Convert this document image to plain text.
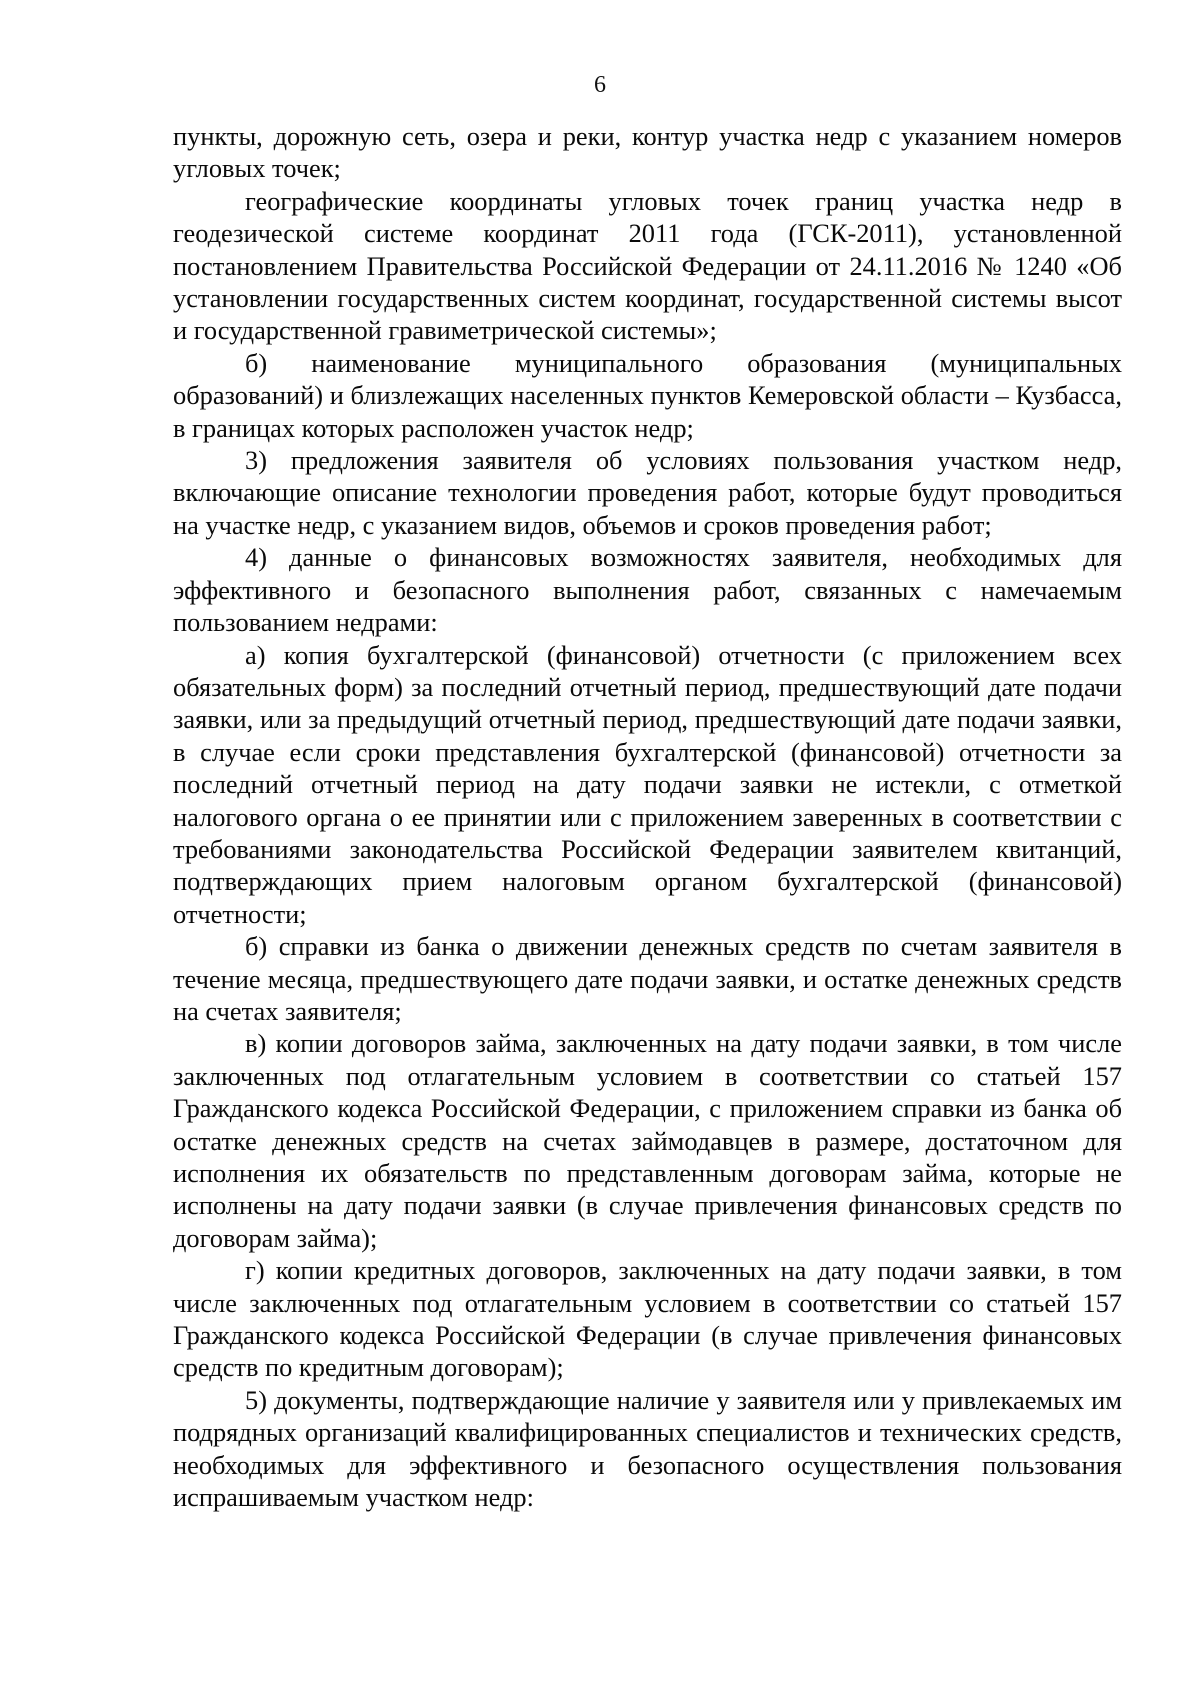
6

пункты, дорожную сеть, озера и реки, контур участка недр с указанием номеров угловых точек;

географические координаты угловых точек границ участка недр в геодезической системе координат 2011 года (ГСК-2011), установленной постановлением Правительства Российской Федерации от 24.11.2016 № 1240 «Об установлении государственных систем координат, государственной системы высот и государственной гравиметрической системы»;

б) наименование муниципального образования (муниципальных образований) и близлежащих населенных пунктов Кемеровской области – Кузбасса, в границах которых расположен участок недр;

3) предложения заявителя об условиях пользования участком недр, включающие описание технологии проведения работ, которые будут проводиться на участке недр, с указанием видов, объемов и сроков проведения работ;

4) данные о финансовых возможностях заявителя, необходимых для эффективного и безопасного выполнения работ, связанных с намечаемым пользованием недрами:

а) копия бухгалтерской (финансовой) отчетности (с приложением всех обязательных форм) за последний отчетный период, предшествующий дате подачи заявки, или за предыдущий отчетный период, предшествующий дате подачи заявки, в случае если сроки представления бухгалтерской (финансовой) отчетности за последний отчетный период на дату подачи заявки не истекли, с отметкой налогового органа о ее принятии или с приложением заверенных в соответствии с требованиями законодательства Российской Федерации заявителем квитанций, подтверждающих прием налоговым органом бухгалтерской (финансовой) отчетности;

б) справки из банка о движении денежных средств по счетам заявителя в течение месяца, предшествующего дате подачи заявки, и остатке денежных средств на счетах заявителя;

в) копии договоров займа, заключенных на дату подачи заявки, в том числе заключенных под отлагательным условием в соответствии со статьей 157 Гражданского кодекса Российской Федерации, с приложением справки из банка об остатке денежных средств на счетах займодавцев в размере, достаточном для исполнения их обязательств по представленным договорам займа, которые не исполнены на дату подачи заявки (в случае привлечения финансовых средств по договорам займа);

г) копии кредитных договоров, заключенных на дату подачи заявки, в том числе заключенных под отлагательным условием в соответствии со статьей 157 Гражданского кодекса Российской Федерации (в случае привлечения финансовых средств по кредитным договорам);

5) документы, подтверждающие наличие у заявителя или у привлекаемых им подрядных организаций квалифицированных специалистов и технических средств, необходимых для эффективного и безопасного осуществления пользования испрашиваемым участком недр:
